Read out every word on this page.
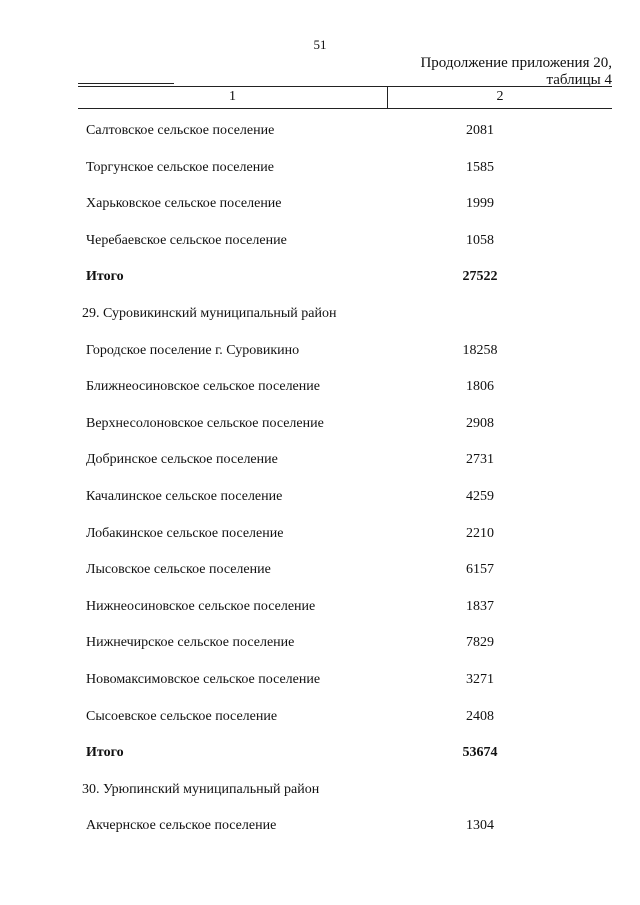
51
Продолжение приложения 20,
таблицы 4
1	2
Салтовское сельское поселение	2081
Торгунское сельское поселение	1585
Харьковское сельское поселение	1999
Черебаевское сельское поселение	1058
Итого	27522
29. Суровикинский муниципальный район
Городское поселение г. Суровикино	18258
Ближнеосиновское сельское поселение	1806
Верхнесолоновское сельское поселение	2908
Добринское сельское поселение	2731
Качалинское сельское поселение	4259
Лобакинское сельское поселение	2210
Лысовское сельское поселение	6157
Нижнеосиновское сельское поселение	1837
Нижнечирское сельское поселение	7829
Новомаксимовское сельское поселение	3271
Сысоевское сельское поселение	2408
Итого	53674
30. Урюпинский муниципальный район
Акчернское сельское поселение	1304
